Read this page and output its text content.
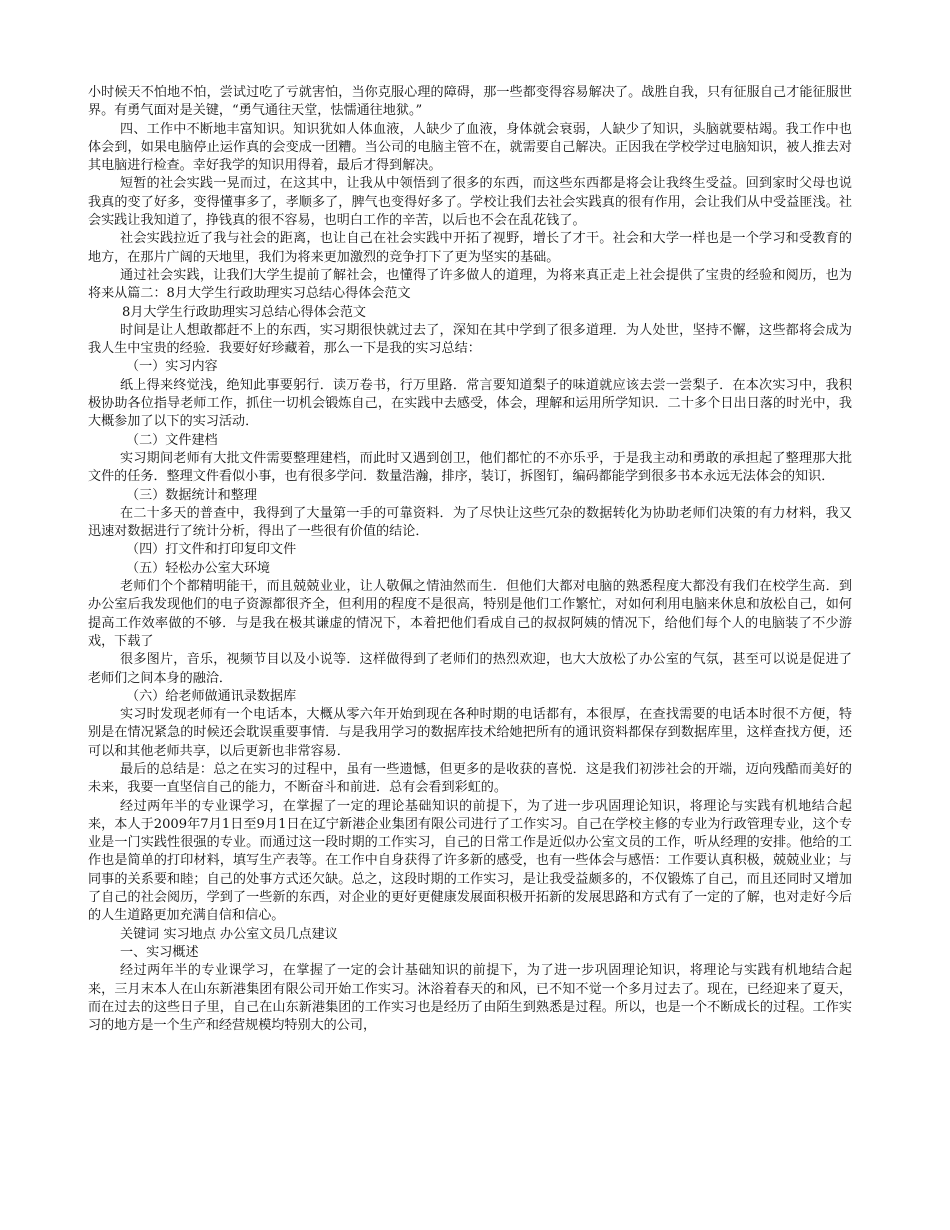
小时候天不怕地不怕，尝试过吃了亏就害怕，当你克服心理的障碍，那一些都变得容易解决了。战胜自我，只有征服自己才能征服世界。有勇气面对是关键，“勇气通往天堂，怯懦通往地狱。”

四、工作中不断地丰富知识。知识犹如人体血液，人缺少了血液，身体就会衰弱，人缺少了知识，头脑就要枯竭。我工作中也体会到，如果电脑停止运作真的会变成一团糟。当公司的电脑主管不在，就需要自己解决。正因我在学校学过电脑知识，被人推去对其电脑进行检查。幸好我学的知识用得着，最后才得到解决。

短暂的社会实践一晃而过，在这其中，让我从中领悟到了很多的东西，而这些东西都是将会让我终生受益。回到家时父母也说我真的变了好多，变得懂事多了，孝顺多了，脾气也变得好多了。学校让我们去社会实践真的很有作用，会让我们从中受益匪浅。社会实践让我知道了，挣钱真的很不容易，也明白工作的辛苦，以后也不会在乱花钱了。

社会实践拉近了我与社会的距离，也让自己在社会实践中开拓了视野，增长了才干。社会和大学一样也是一个学习和受教育的地方，在那片广阔的天地里，我们为将来更加激烈的竞争打下了更为坚实的基础。

通过社会实践，让我们大学生提前了解社会，也懂得了许多做人的道理，为将来真正走上社会提供了宝贵的经验和阅历，也为将来从篇二：8月大学生行政助理实习总结心得体会范文

8月大学生行政助理实习总结心得体会范文

时间是让人想敢都赶不上的东西，实习期很快就过去了，深知在其中学到了很多道理．为人处世，坚持不懈，这些都将会成为我人生中宝贵的经验．我要好好珍藏着，那么一下是我的实习总结：

（一）实习内容

纸上得来终觉浅，绝知此事要躬行．读万卷书，行万里路．常言要知道梨子的味道就应该去尝一尝梨子．在本次实习中，我积极协助各位指导老师工作，抓住一切机会锻炼自己，在实践中去感受，体会，理解和运用所学知识．二十多个日出日落的时光中，我大概参加了以下的实习活动．

（二）文件建档

实习期间老师有大批文件需要整理建档，而此时又遇到创卫，他们都忙的不亦乐乎，于是我主动和勇敢的承担起了整理那大批文件的任务．整理文件看似小事，也有很多学问．数量浩瀚，排序，装订，拆图钉，编码都能学到很多书本永远无法体会的知识．

（三）数据统计和整理

在二十多天的普查中，我得到了大量第一手的可靠资料．为了尽快让这些冗杂的数据转化为协助老师们决策的有力材料，我又迅速对数据进行了统计分析，得出了一些很有价值的结论．

（四）打文件和打印复印文件

（五）轻松办公室大环境

老师们个个都精明能干，而且兢兢业业，让人敬佩之情油然而生．但他们大都对电脑的熟悉程度大都没有我们在校学生高．到办公室后我发现他们的电子资源都很齐全，但利用的程度不是很高，特别是他们工作繁忙，对如何利用电脑来休息和放松自己，如何提高工作效率做的不够．与是我在极其谦虚的情况下，本着把他们看成自己的叔叔阿姨的情况下，给他们每个人的电脑装了不少游戏，下载了

很多图片，音乐，视频节目以及小说等．这样做得到了老师们的热烈欢迎，也大大放松了办公室的气氛，甚至可以说是促进了老师们之间本身的融洽．

（六）给老师做通讯录数据库

实习时发现老师有一个电话本，大概从零六年开始到现在各种时期的电话都有，本很厚，在查找需要的电话本时很不方便，特别是在情况紧急的时候还会耽误重要事情．与是我用学习的数据库技术给她把所有的通讯资料都保存到数据库里，这样查找方便，还可以和其他老师共享，以后更新也非常容易．

最后的总结是：总之在实习的过程中，虽有一些遗憾，但更多的是收获的喜悦．这是我们初涉社会的开端，迈向残酷而美好的未来，我要一直坚信自己的能力，不断奋斗和前进．总有会看到彩虹的。

经过两年半的专业课学习，在掌握了一定的理论基础知识的前提下，为了进一步巩固理论知识，将理论与实践有机地结合起来，本人于2009年7月1日至9月1日在辽宁新港企业集团有限公司进行了工作实习。自己在学校主修的专业为行政管理专业，这个专业是一门实践性很强的专业。而通过这一段时期的工作实习，自己的日常工作是近似办公室文员的工作，听从经理的安排。他给的工作也是简单的打印材料，填写生产表等。在工作中自身获得了许多新的感受，也有一些体会与感悟：工作要认真积极，兢兢业业；与同事的关系要和睦；自己的处事方式还欠缺。总之，这段时期的工作实习，是让我受益颇多的，不仅锻炼了自己，而且还同时又增加了自己的社会阅历，学到了一些新的东西，对企业的更好更健康发展面积极开拓新的发展思路和方式有了一定的了解，也对走好今后的人生道路更加充满自信和信心。

关键词 实习地点 办公室文员几点建议

一、实习概述

经过两年半的专业课学习，在掌握了一定的会计基础知识的前提下，为了进一步巩固理论知识，将理论与实践有机地结合起来，三月末本人在山东新港集团有限公司开始工作实习。沐浴着春天的和风，已不知不觉一个多月过去了。现在，已经迎来了夏天，而在过去的这些日子里，自己在山东新港集团的工作实习也是经历了由陌生到熟悉是过程。所以，也是一个不断成长的过程。工作实习的地方是一个生产和经营规模均特别大的公司，
